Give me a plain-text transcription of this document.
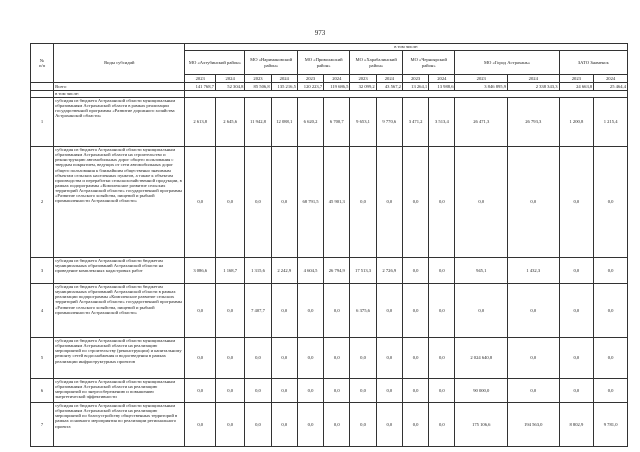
973
№
п/п	Виды субсидий	в том числе:													
		МО «Ахтубинский район»		МО «Наримановский район»		МО «Приволжский район»		МО «Харабалинский район»		МО «Черноярский район»		МО «Город Астрахань»		ЗАТО Знаменск	
		2023	2024	2023	2024	2023	2024	2023	2024	2023	2024	2023	2024	2023	2024
	Всего	141 768,7	52 304,8	85 506,8	135 216,5	120 223,7	119 686,5	32 099,2	43 567,2	13 264,1	13 988,6	3 846 895,9	2 338 343,3	24 663,8	25 464,4
	в том числе:														
1	субсидия из бюджета Астраханской области муниципальным образованиям Астраханской области в рамках реализации государственной программы «Развитие дорожного хозяйства Астраханской области»	2 613,8	2 645,6	11 942,8	12 088,1	6 620,2	6 700,7	9 653,1	9 770,6	3 471,2	3 513,4	26 471,3	26 793,3	1 200,8	1 215,4
2	субсидия из бюджета Астраханской области муниципальным образованиям Астраханской области на строительство и реконструкцию автомобильных дорог общего пользования с твердым покрытием, ведущих от сети автомобильных дорог общего пользования к ближайшим общественно значимым объектам сельских населенных пунктов, а также к объектам производства и переработки сельскохозяйственной продукции, в рамках подпрограммы «Комплексное развитие сельских территорий Астраханской области» государственной программы «Развитие сельского хозяйства, пищевой и рыбной промышленности Астраханской области»	0,0	0,0	0,0	0,0	68 791,5	45 901,3	0,0	0,0	0,0	0,0	0,0	0,0	0,0	0,0
3	субсидия из бюджета Астраханской области бюджетам муниципальных образований Астраханской области на проведение комплексных кадастровых работ	3 086,6	1 168,7	1 315,6	2 242,9	4 604,5	26 794,9	17 513,3	2 726,9	0,0	0,0	945,1	1 432,3	0,0	0,0
4	субсидия из бюджета Астраханской области бюджетам муниципальных образований Астраханской области в рамках реализации подпрограммы «Комплексное развитие сельских территорий Астраханской области» государственной программы «Развитие сельского хозяйства, пищевой и рыбной промышленности Астраханской области»	0,0	0,0	7 407,7	0,0	0,0	0,0	6 375,6	0,0	0,0	0,0	0,0	0,0	0,0	0,0
5	субсидия из бюджета Астраханской области муниципальным образованиям Астраханской области на реализацию мероприятий по строительству (реконструкции) и капитальному ремонту сетей водоснабжения и водоотведения в рамках реализации инфраструктурных проектов	0,0	0,0	0,0	0,0	0,0	0,0	0,0	0,0	0,0	0,0	2 024 640,8	0,0	0,0	0,0
6	субсидия из бюджета Астраханской области муниципальным образованиям Астраханской области на реализацию мероприятий по энергосбережению и повышению энергетической эффективности	0,0	0,0	0,0	0,0	0,0	0,0	0,0	0,0	0,0	0,0	90 000,0	0,0	0,0	0,0
7	субсидия из бюджета Астраханской области муниципальным образованиям Астраханской области на реализацию мероприятий по благоустройству общественных территорий в рамках основного мероприятия по реализации регионального проекта	0,0	0,0	0,0	0,0	0,0	0,0	0,0	0,0	0,0	0,0	175 106,6	194 563,0	8 802,9	9 781,0
